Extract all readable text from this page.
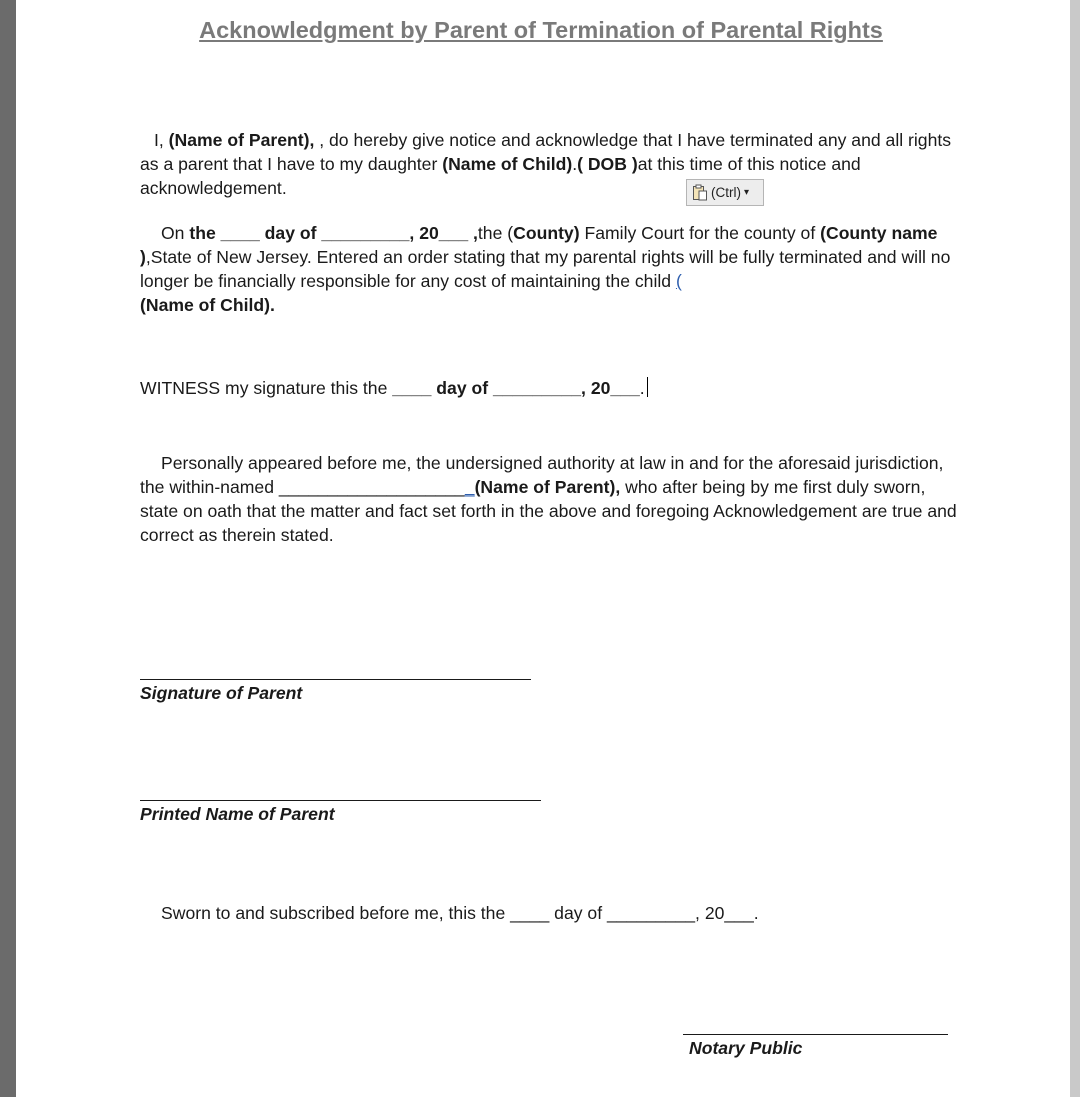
Acknowledgment by Parent of Termination of Parental Rights

I, (Name of Parent), , do hereby give notice and acknowledge that I have terminated any and all rights as a parent that I have to my daughter (Name of Child).( DOB )at this time of this notice and acknowledgement.	(Ctrl) ▾

On the ____ day of _________, 20___ ,the (County) Family Court for the county of (County name ),State of New Jersey. Entered an order stating that my parental rights will be fully terminated and will no longer be financially responsible for any cost of maintaining the child (
(Name of Child).

WITNESS my signature this the ____ day of _________, 20___.

Personally appeared before me, the undersigned authority at law in and for the aforesaid jurisdiction, the within-named ____________________(Name of Parent), who after being by me first duly sworn, state on oath that the matter and fact set forth in the above and foregoing Acknowledgement are true and correct as therein stated.

Signature of Parent
Printed Name of Parent

Sworn to and subscribed before me, this the ____ day of _________, 20___.

Notary Public
